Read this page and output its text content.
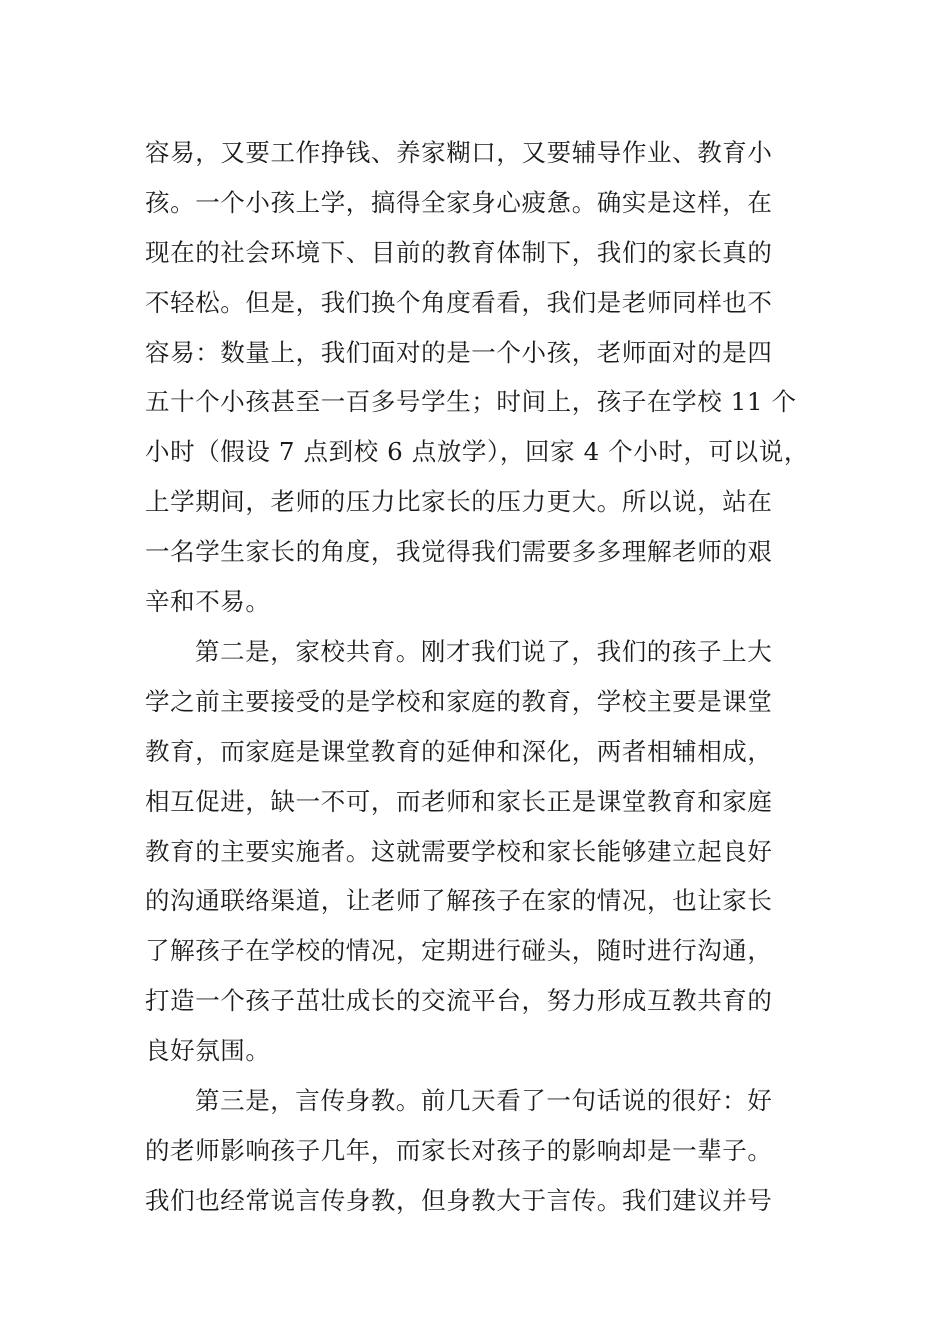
容易，又要工作挣钱、养家糊口，又要辅导作业、教育小
孩。一个小孩上学，搞得全家身心疲惫。确实是这样，在
现在的社会环境下、目前的教育体制下，我们的家长真的
不轻松。但是，我们换个角度看看，我们是老师同样也不
容易：数量上，我们面对的是一个小孩，老师面对的是四
五十个小孩甚至一百多号学生；时间上，孩子在学校 11 个
小时（假设 7 点到校 6 点放学），回家 4 个小时，可以说，
上学期间，老师的压力比家长的压力更大。所以说，站在
一名学生家长的角度，我觉得我们需要多多理解老师的艰
辛和不易。
第二是，家校共育。刚才我们说了，我们的孩子上大
学之前主要接受的是学校和家庭的教育，学校主要是课堂
教育，而家庭是课堂教育的延伸和深化，两者相辅相成，
相互促进，缺一不可，而老师和家长正是课堂教育和家庭
教育的主要实施者。这就需要学校和家长能够建立起良好
的沟通联络渠道，让老师了解孩子在家的情况，也让家长
了解孩子在学校的情况，定期进行碰头，随时进行沟通，
打造一个孩子茁壮成长的交流平台，努力形成互教共育的
良好氛围。
第三是，言传身教。前几天看了一句话说的很好：好
的老师影响孩子几年，而家长对孩子的影响却是一辈子。
我们也经常说言传身教，但身教大于言传。我们建议并号
